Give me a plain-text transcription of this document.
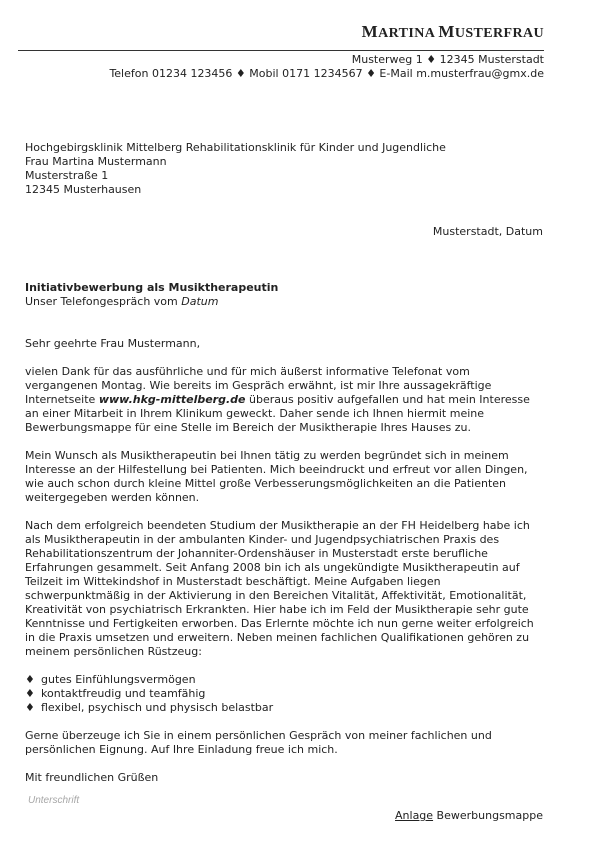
MARTINA MUSTERFRAU
Musterweg 1 ♦ 12345 Musterstadt
Telefon 01234 123456 ♦ Mobil 0171 1234567 ♦ E-Mail m.musterfrau@gmx.de
Hochgebirgsklinik Mittelberg Rehabilitationsklinik für Kinder und Jugendliche
Frau Martina Mustermann
Musterstraße 1
12345 Musterhausen
Musterstadt, Datum
Initiativbewerbung als Musiktherapeutin
Unser Telefongespräch vom Datum

Sehr geehrte Frau Mustermann,

vielen Dank für das ausführliche und für mich äußerst informative Telefonat vom vergangenen Montag. Wie bereits im Gespräch erwähnt, ist mir Ihre aussagekräftige Internetseite www.hkg-mittelberg.de überaus positiv aufgefallen und hat mein Interesse an einer Mitarbeit in Ihrem Klinikum geweckt. Daher sende ich Ihnen hiermit meine Bewerbungsmappe für eine Stelle im Bereich der Musiktherapie Ihres Hauses zu.

Mein Wunsch als Musiktherapeutin bei Ihnen tätig zu werden begründet sich in meinem Interesse an der Hilfestellung bei Patienten. Mich beeindruckt und erfreut vor allen Dingen, wie auch schon durch kleine Mittel große Verbesserungsmöglichkeiten an die Patienten weitergegeben werden können.

Nach dem erfolgreich beendeten Studium der Musiktherapie an der FH Heidelberg habe ich als Musiktherapeutin in der ambulanten Kinder- und Jugendpsychiatrischen Praxis des Rehabilitationszentrum der Johanniter-Ordenshäuser in Musterstadt erste berufliche Erfahrungen gesammelt. Seit Anfang 2008 bin ich als ungekündigte Musiktherapeutin auf Teilzeit im Wittekindshof in Musterstadt beschäftigt. Meine Aufgaben liegen schwerpunktmäßig in der Aktivierung in den Bereichen Vitalität, Affektivität, Emotionalität, Kreativität von psychiatrisch Erkrankten. Hier habe ich im Feld der Musiktherapie sehr gute Kenntnisse und Fertigkeiten erworben. Das Erlernte möchte ich nun gerne weiter erfolgreich in die Praxis umsetzen und erweitern. Neben meinen fachlichen Qualifikationen gehören zu meinem persönlichen Rüstzeug:

♦ gutes Einfühlungsvermögen
♦ kontaktfreudig und teamfähig
♦ flexibel, psychisch und physisch belastbar

Gerne überzeuge ich Sie in einem persönlichen Gespräch von meiner fachlichen und persönlichen Eignung. Auf Ihre Einladung freue ich mich.

Mit freundlichen Grüßen

Unterschrift
Anlage Bewerbungsmappe
